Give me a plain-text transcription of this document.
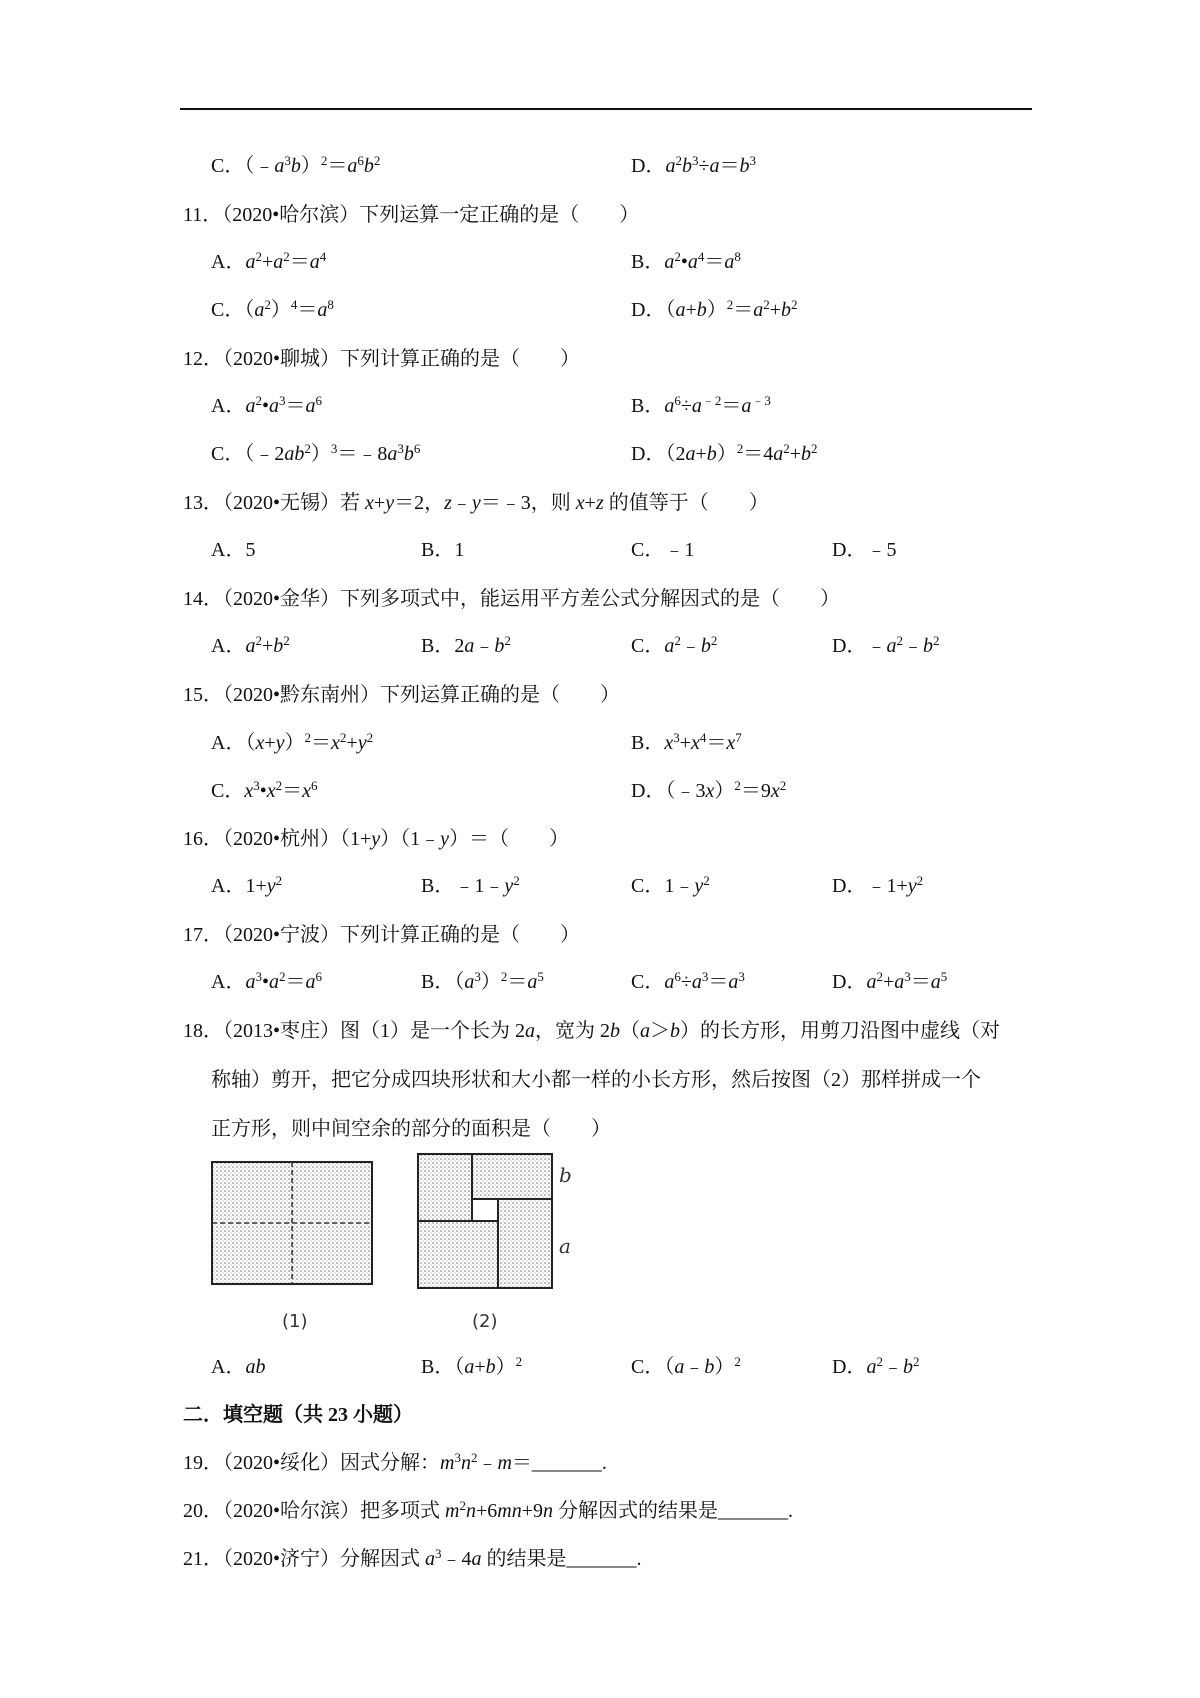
C．$(﹣a^3b)^2=a^6b^2$	D．$a^2b^3\div a=b^3$
11．（2020•哈尔滨）下列运算一定正确的是（　　）
A．$a^2+a^2=a^4$	B．$a^2•a^4=a^8$
C．$(a^2)^4=a^8$	D．$(a+b)^2=a^2+b^2$
12．（2020•聊城）下列计算正确的是（　　）
A．$a^2•a^3=a^6$	B．$a^6\div a^{﹣2}=a^{﹣3}$
C．$(﹣2ab^2)^3=﹣8a^3b^6$	D．$(2a+b)^2=4a^2+b^2$
13．（2020•无锡）若 x+y＝2，z﹣y＝﹣3，则 x+z 的值等于（　　）
A．5	B．1	C．﹣1	D．﹣5
14．（2020•金华）下列多项式中，能运用平方差公式分解因式的是（　　）
A．$a^2+b^2$	B．$2a﹣b^2$	C．$a^2﹣b^2$	D．$﹣a^2﹣b^2$
15．（2020•黔东南州）下列运算正确的是（　　）
A．$(x+y)^2=x^2+y^2$	B．$x^3+x^4=x^7$
C．$x^3•x^2=x^6$	D．$(﹣3x)^2=9x^2$
16．（2020•杭州）（1+y）（1﹣y）＝（　　）
A．$1+y^2$	B．$﹣1﹣y^2$	C．$1﹣y^2$	D．$﹣1+y^2$
17．（2020•宁波）下列计算正确的是（　　）
A．$a^3•a^2=a^6$	B．$(a^3)^2=a^5$	C．$a^6\div a^3=a^3$	D．$a^2+a^3=a^5$
18．（2013•枣庄）图（1）是一个长为 2a，宽为 2b（a＞b）的长方形，用剪刀沿图中虚线（对
称轴）剪开，把它分成四块形状和大小都一样的小长方形，然后按图（2）那样拼成一个
正方形，则中间空余的部分的面积是（　　）
b
a
(1)	(2)
A．ab	B．$(a+b)^2$	C．（a﹣b）$^2$	D．$a^2﹣b^2$
二．填空题（共 23 小题）
19．（2020•绥化）因式分解：$m^3n^2﹣m=\_\_\_\_\_\_\_$.
20．（2020•哈尔滨）把多项式 $m^2n+6mn+9n$ 分解因式的结果是_______.
21．（2020•济宁）分解因式 $a^3﹣4a$ 的结果是_______.
